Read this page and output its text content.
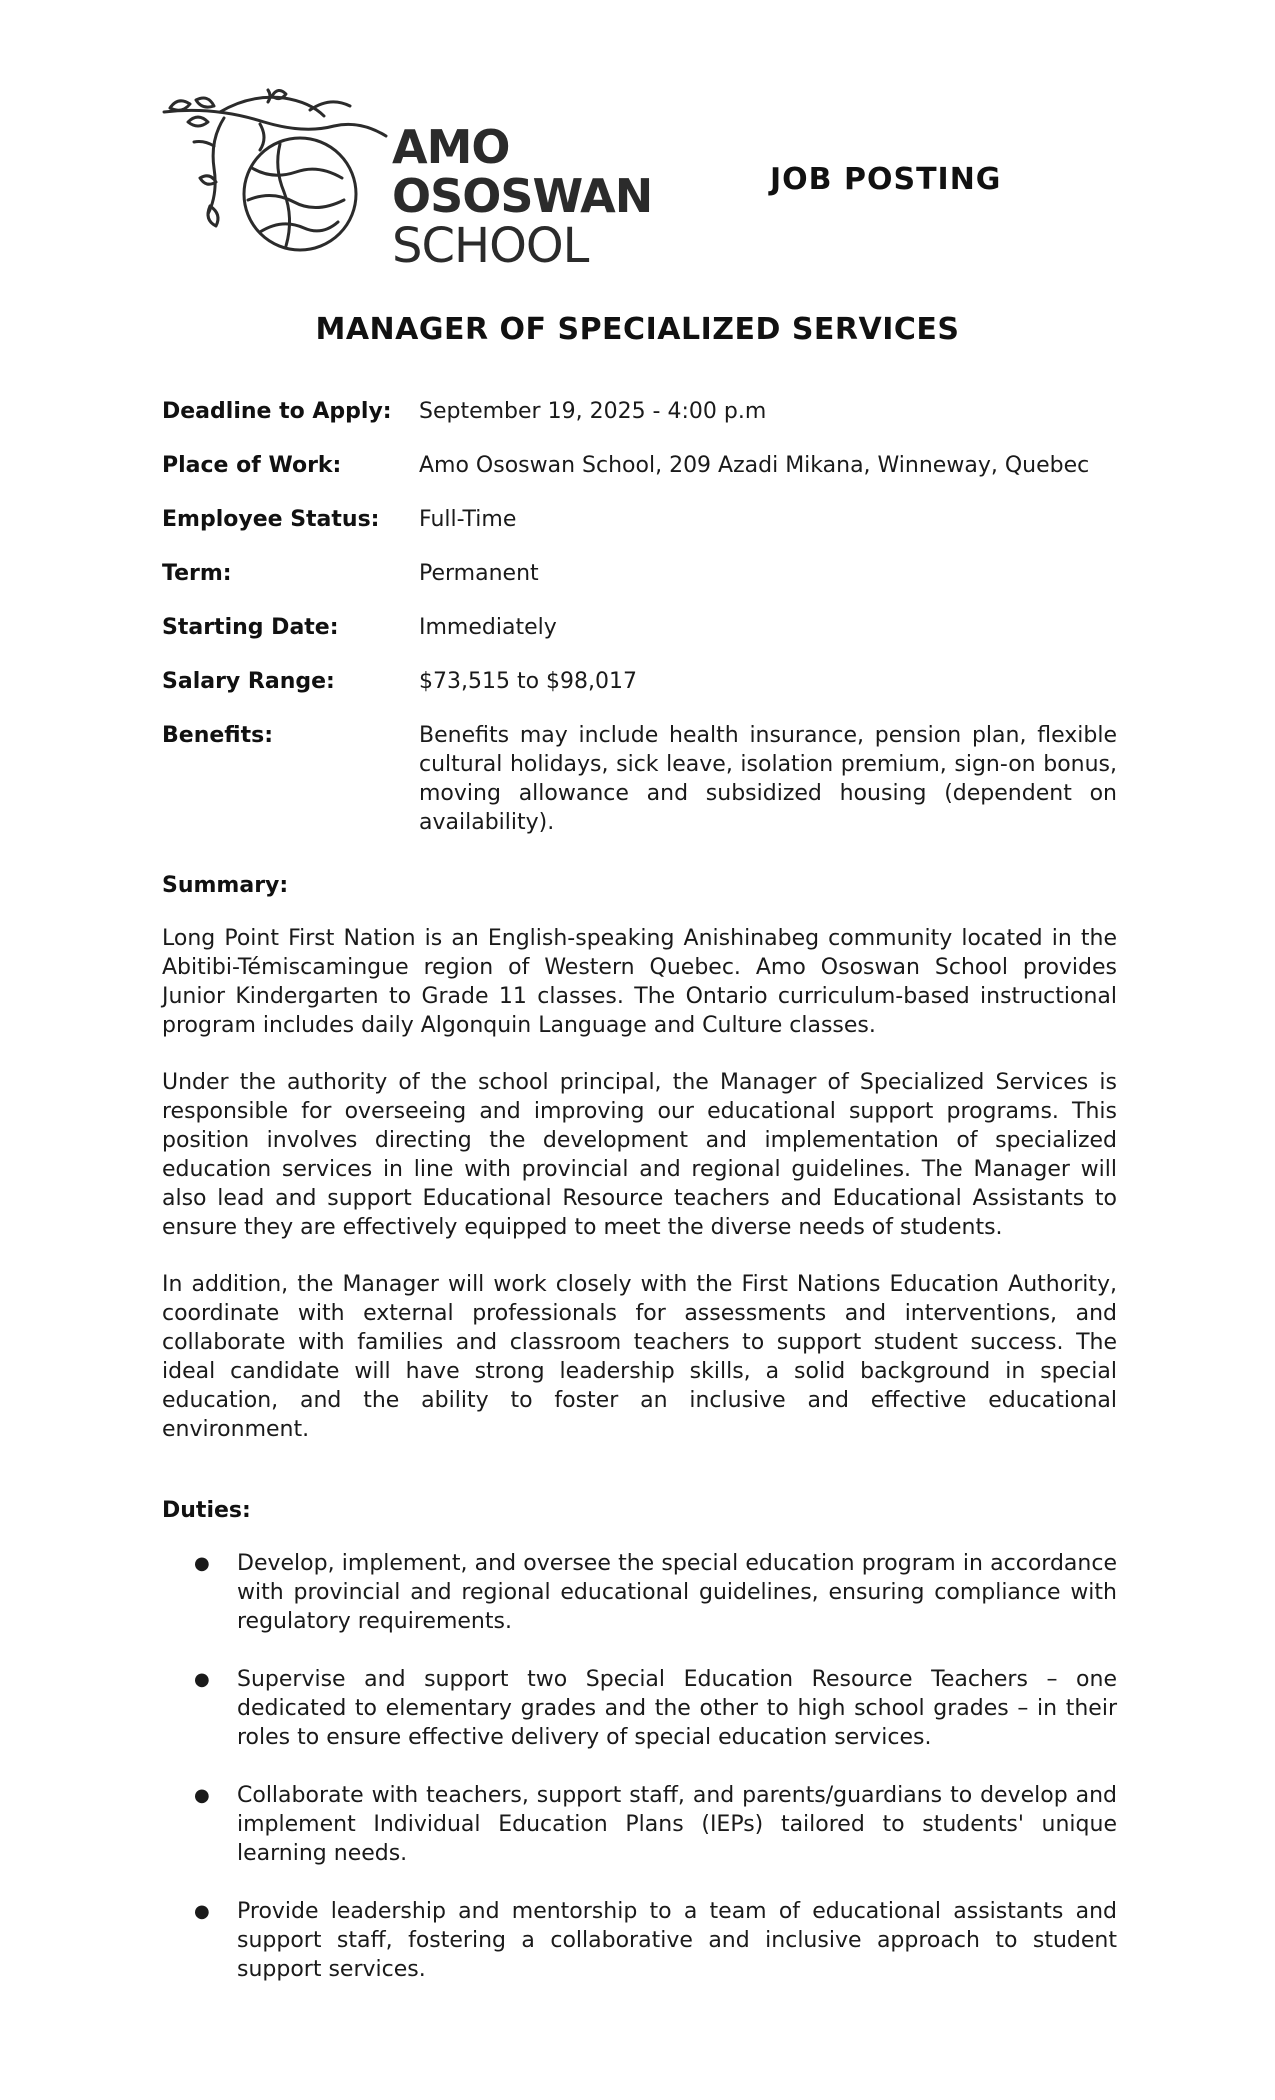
AMO
OSOSWAN
SCHOOL
JOB POSTING
MANAGER OF SPECIALIZED SERVICES
Deadline to Apply:	September 19, 2025 - 4:00 p.m
Place of Work:	Amo Ososwan School, 209 Azadi Mikana, Winneway, Quebec
Employee Status:	Full-Time
Term:	Permanent
Starting Date:	Immediately
Salary Range:	$73,515 to $98,017
Benefits:	Benefits may include health insurance, pension plan, flexible cultural holidays, sick leave, isolation premium, sign-on bonus, moving allowance and subsidized housing (dependent on availability).

Summary:

Long Point First Nation is an English-speaking Anishinabeg community located in the Abitibi-Témiscamingue region of Western Quebec. Amo Ososwan School provides Junior Kindergarten to Grade 11 classes. The Ontario curriculum-based instructional program includes daily Algonquin Language and Culture classes.

Under the authority of the school principal, the Manager of Specialized Services is responsible for overseeing and improving our educational support programs. This position involves directing the development and implementation of specialized education services in line with provincial and regional guidelines. The Manager will also lead and support Educational Resource teachers and Educational Assistants to ensure they are effectively equipped to meet the diverse needs of students.

In addition, the Manager will work closely with the First Nations Education Authority, coordinate with external professionals for assessments and interventions, and collaborate with families and classroom teachers to support student success. The ideal candidate will have strong leadership skills, a solid background in special education, and the ability to foster an inclusive and effective educational environment.

Duties:

● Develop, implement, and oversee the special education program in accordance with provincial and regional educational guidelines, ensuring compliance with regulatory requirements.
● Supervise and support two Special Education Resource Teachers – one dedicated to elementary grades and the other to high school grades – in their roles to ensure effective delivery of special education services.
● Collaborate with teachers, support staff, and parents/guardians to develop and implement Individual Education Plans (IEPs) tailored to students' unique learning needs.
● Provide leadership and mentorship to a team of educational assistants and support staff, fostering a collaborative and inclusive approach to student support services.
